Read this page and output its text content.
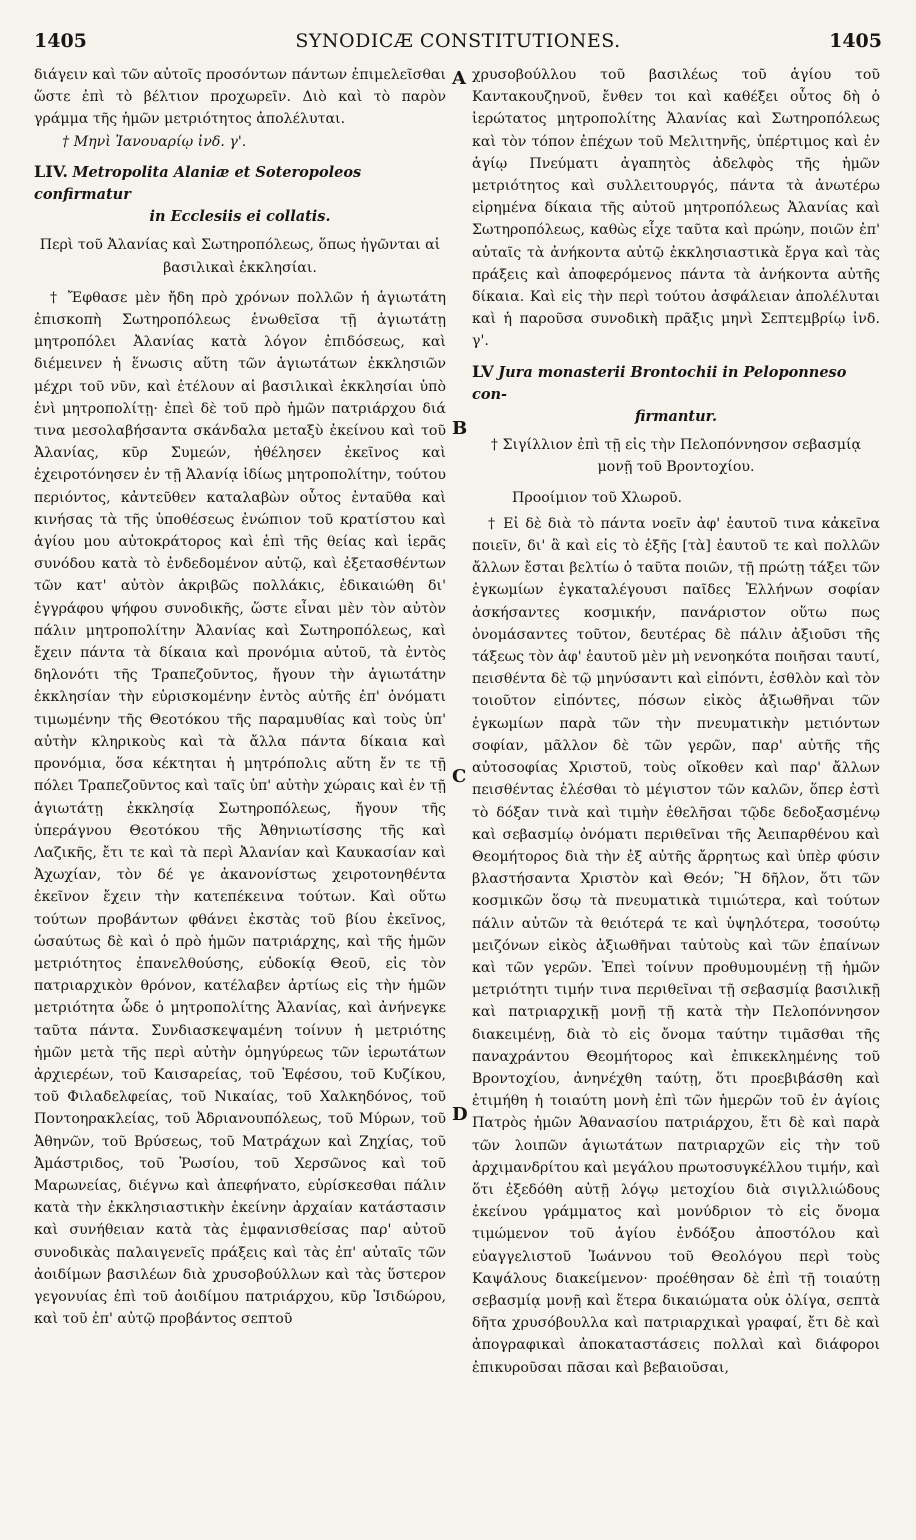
1405	SYNODICÆ CONSTITUTIONES.	1405

διάγειν καὶ τῶν αὐτοῖς προσόντων πάντων ἐπιμελεῖσθαι ὥστε ἐπὶ τὸ βέλτιον προχωρεῖν. Διὸ καὶ τὸ παρὸν γράμμα τῆς ἡμῶν μετριότητος ἀπολέλυται.

† Μηνὶ Ἰανουαρίῳ ἰνδ. γ'.
LIV. Metropolita Alaniæ et Soteropoleos confirmatur
in Ecclesiis ei collatis.
Περὶ τοῦ Ἀλανίας καὶ Σωτηροπόλεως, ὅπως ἡγῶνται αἱ βασιλικαὶ ἐκκλησίαι.

† Ἔφθασε μὲν ἤδη πρὸ χρόνων πολλῶν ἡ ἁγιωτάτη ἐπισκοπὴ Σωτηροπόλεως ἑνωθεῖσα τῇ ἁγιωτάτῃ μητροπόλει Ἀλανίας κατὰ λόγον ἐπιδόσεως, καὶ διέμεινεν ἡ ἕνωσις αὕτη τῶν ἁγιωτάτων ἐκκλησιῶν μέχρι τοῦ νῦν, καὶ ἐτέλουν αἱ βασιλικαὶ ἐκκλησίαι ὑπὸ ἑνὶ μητροπολίτῃ· ἐπεὶ δὲ τοῦ πρὸ ἡμῶν πατριάρχου διά τινα μεσολαβήσαντα σκάνδαλα μεταξὺ ἐκείνου καὶ τοῦ Ἀλανίας, κῦρ Συμεών, ἠθέλησεν ἐκεῖνος καὶ ἐχειροτόνησεν ἐν τῇ Ἀλανίᾳ ἰδίως μητροπολίτην, τούτου περιόντος, κἀντεῦθεν καταλαβὼν οὗτος ἐνταῦθα καὶ κινήσας τὰ τῆς ὑποθέσεως ἐνώπιον τοῦ κρατίστου καὶ ἁγίου μου αὐτοκράτορος καὶ ἐπὶ τῆς θείας καὶ ἱερᾶς συνόδου κατὰ τὸ ἐνδεδομένον αὐτῷ, καὶ ἐξετασθέντων τῶν κατ' αὐτὸν ἀκριβῶς πολλάκις, ἐδικαιώθη δι' ἐγγράφου ψήφου συνοδικῆς, ὥστε εἶναι μὲν τὸν αὐτὸν πάλιν μητροπολίτην Ἀλανίας καὶ Σωτηροπόλεως, καὶ ἔχειν πάντα τὰ δίκαια καὶ προνόμια αὐτοῦ, τὰ ἐντὸς δηλονότι τῆς Τραπεζοῦντος, ἤγουν τὴν ἁγιωτάτην ἐκκλησίαν τὴν εὑρισκομένην ἐντὸς αὐτῆς ἐπ' ὀνόματι τιμωμένην τῆς Θεοτόκου τῆς παραμυθίας καὶ τοὺς ὑπ' αὐτὴν κληρικοὺς καὶ τὰ ἄλλα πάντα δίκαια καὶ προνόμια, ὅσα κέκτηται ἡ μητρόπολις αὕτη ἔν τε τῇ πόλει Τραπεζοῦντος καὶ ταῖς ὑπ' αὐτὴν χώραις καὶ ἐν τῇ ἁγιωτάτῃ ἐκκλησίᾳ Σωτηροπόλεως, ἤγουν τῆς ὑπεράγνου Θεοτόκου τῆς Ἀθηνιωτίσσης τῆς καὶ Λαζικῆς, ἔτι τε καὶ τὰ περὶ Ἀλανίαν καὶ Καυκασίαν καὶ Ἀχωχίαν, τὸν δέ γε ἀκανονίστως χειροτονηθέντα ἐκεῖνον ἔχειν τὴν κατεπέκεινα τούτων. Καὶ οὕτω τούτων προβάντων φθάνει ἐκστὰς τοῦ βίου ἐκεῖνος, ὡσαύτως δὲ καὶ ὁ πρὸ ἡμῶν πατριάρχης, καὶ τῆς ἡμῶν μετριότητος ἐπανελθούσης, εὐδοκίᾳ Θεοῦ, εἰς τὸν πατριαρχικὸν θρόνον, κατέλαβεν ἀρτίως εἰς τὴν ἡμῶν μετριότητα ὧδε ὁ μητροπολίτης Ἀλανίας, καὶ ἀνήνεγκε ταῦτα πάντα. Συνδιασκεψαμένη τοίνυν ἡ μετριότης ἡμῶν μετὰ τῆς περὶ αὐτὴν ὁμηγύρεως τῶν ἱερωτάτων ἀρχιερέων, τοῦ Καισαρείας, τοῦ Ἐφέσου, τοῦ Κυζίκου, τοῦ Φιλαδελφείας, τοῦ Νικαίας, τοῦ Χαλκηδόνος, τοῦ Ποντοηρακλείας, τοῦ Ἀδριανουπόλεως, τοῦ Μύρων, τοῦ Ἀθηνῶν, τοῦ Βρύσεως, τοῦ Ματράχων καὶ Ζηχίας, τοῦ Ἀμάστριδος, τοῦ Ῥωσίου, τοῦ Χερσῶνος καὶ τοῦ Μαρωνείας, διέγνω καὶ ἀπεφήνατο, εὑρίσκεσθαι πάλιν κατὰ τὴν ἐκκλησιαστικὴν ἐκείνην ἀρχαίαν κατάστασιν καὶ συνήθειαν κατὰ τὰς ἐμφανισθείσας παρ' αὐτοῦ συνοδικὰς παλαιγενεῖς πράξεις καὶ τὰς ἐπ' αὐταῖς τῶν ἀοιδίμων βασιλέων διὰ χρυσοβούλλων καὶ τὰς ὕστερον γεγονυίας ἐπὶ τοῦ ἀοιδίμου πατριάρχου, κῦρ Ἰσιδώρου, καὶ τοῦ ἐπ' αὐτῷ προβάντος σεπτοῦ

χρυσοβούλλου τοῦ βασιλέως τοῦ ἁγίου τοῦ Καντακουζηνοῦ, ἔνθεν τοι καὶ καθέξει οὗτος δὴ ὁ ἱερώτατος μητροπολίτης Ἀλανίας καὶ Σωτηροπόλεως καὶ τὸν τόπον ἐπέχων τοῦ Μελιτηνῆς, ὑπέρτιμος καὶ ἐν ἁγίῳ Πνεύματι ἀγαπητὸς ἀδελφὸς τῆς ἡμῶν μετριότητος καὶ συλλειτουργός, πάντα τὰ ἀνωτέρω εἰρημένα δίκαια τῆς αὐτοῦ μητροπόλεως Ἀλανίας καὶ Σωτηροπόλεως, καθὼς εἶχε ταῦτα καὶ πρώην, ποιῶν ἐπ' αὐταῖς τὰ ἀνήκοντα αὐτῷ ἐκκλησιαστικὰ ἔργα καὶ τὰς πράξεις καὶ ἀποφερόμενος πάντα τὰ ἀνήκοντα αὐτῆς δίκαια. Καὶ εἰς τὴν περὶ τούτου ἀσφάλειαν ἀπολέλυται καὶ ἡ παροῦσα συνοδικὴ πρᾶξις μηνὶ Σεπτεμβρίῳ ἰνδ. γ'.

LV Jura monasterii Brontochii in Peloponneso con-
firmantur.
† Σιγίλλιον ἐπὶ τῇ εἰς τὴν Πελοπόννησον σεβασμίᾳ μονῇ τοῦ Βροντοχίου.
Προοίμιον τοῦ Χλωροῦ.

† Εἰ δὲ διὰ τὸ πάντα νοεῖν ἀφ' ἑαυτοῦ τινα κἀκεῖνα ποιεῖν, δι' ἃ καὶ εἰς τὸ ἑξῆς [τὰ] ἑαυτοῦ τε καὶ πολλῶν ἄλλων ἔσται βελτίω ὁ ταῦτα ποιῶν, τῇ πρώτῃ τάξει τῶν ἐγκωμίων ἐγκαταλέγουσι παῖδες Ἑλλήνων σοφίαν ἀσκήσαντες κοσμικήν, πανάριστον οὕτω πως ὀνομάσαντες τοῦτον, δευτέρας δὲ πάλιν ἀξιοῦσι τῆς τάξεως τὸν ἀφ' ἑαυτοῦ μὲν μὴ νενοηκότα ποιῆσαι ταυτί, πεισθέντα δὲ τῷ μηνύσαντι καὶ εἰπόντι, ἐσθλὸν καὶ τὸν τοιοῦτον εἰπόντες, πόσων εἰκὸς ἀξιωθῆναι τῶν ἐγκωμίων παρὰ τῶν τὴν πνευματικὴν μετιόντων σοφίαν, μᾶλλον δὲ τῶν γερῶν, παρ' αὐτῆς τῆς αὐτοσοφίας Χριστοῦ, τοὺς οἴκοθεν καὶ παρ' ἄλλων πεισθέντας ἑλέσθαι τὸ μέγιστον τῶν καλῶν, ὅπερ ἐστὶ τὸ δόξαν τινὰ καὶ τιμὴν ἐθελῆσαι τῷδε δεδοξασμένῳ καὶ σεβασμίῳ ὀνόματι περιθεῖναι τῆς Ἀειπαρθένου καὶ Θεομήτορος διὰ τὴν ἐξ αὐτῆς ἄρρητως καὶ ὑπὲρ φύσιν βλαστήσαντα Χριστὸν καὶ Θεόν; Ἢ δῆλον, ὅτι τῶν κοσμικῶν ὅσῳ τὰ πνευματικὰ τιμιώτερα, καὶ τούτων πάλιν αὐτῶν τὰ θειότερά τε καὶ ὑψηλότερα, τοσούτῳ μειζόνων εἰκὸς ἀξιωθῆναι ταὐτοὺς καὶ τῶν ἐπαίνων καὶ τῶν γερῶν. Ἐπεὶ τοίνυν προθυμουμένῃ τῇ ἡμῶν μετριότητι τιμήν τινα περιθεῖναι τῇ σεβασμίᾳ βασιλικῇ καὶ πατριαρχικῇ μονῇ τῇ κατὰ τὴν Πελοπόννησον διακειμένῃ, διὰ τὸ εἰς ὄνομα ταύτην τιμᾶσθαι τῆς παναχράντου Θεομήτορος καὶ ἐπικεκλημένης τοῦ Βροντοχίου, ἀνηνέχθη ταύτῃ, ὅτι προεβιβάσθη καὶ ἐτιμήθη ἡ τοιαύτη μονὴ ἐπὶ τῶν ἡμερῶν τοῦ ἐν ἁγίοις Πατρὸς ἡμῶν Ἀθανασίου πατριάρχου, ἔτι δὲ καὶ παρὰ τῶν λοιπῶν ἁγιωτάτων πατριαρχῶν εἰς τὴν τοῦ ἀρχιμανδρίτου καὶ μεγάλου πρωτοσυγκέλλου τιμήν, καὶ ὅτι ἐξεδόθη αὐτῇ λόγῳ μετοχίου διὰ σιγιλλιώδους ἐκείνου γράμματος καὶ μονύδριον τὸ εἰς ὄνομα τιμώμενον τοῦ ἁγίου ἐνδόξου ἀποστόλου καὶ εὐαγγελιστοῦ Ἰωάννου τοῦ Θεολόγου περὶ τοὺς Καψάλους διακείμενον· προέθησαν δὲ ἐπὶ τῇ τοιαύτῃ σεβασμίᾳ μονῇ καὶ ἕτερα δικαιώματα οὐκ ὀλίγα, σεπτὰ δῆτα χρυσόβουλλα καὶ πατριαρχικαὶ γραφαί, ἔτι δὲ καὶ ἀπογραφικαὶ ἀποκαταστάσεις πολλαὶ καὶ διάφοροι ἐπικυροῦσαι πᾶσαι καὶ βεβαιοῦσαι,

A
B
C
D
